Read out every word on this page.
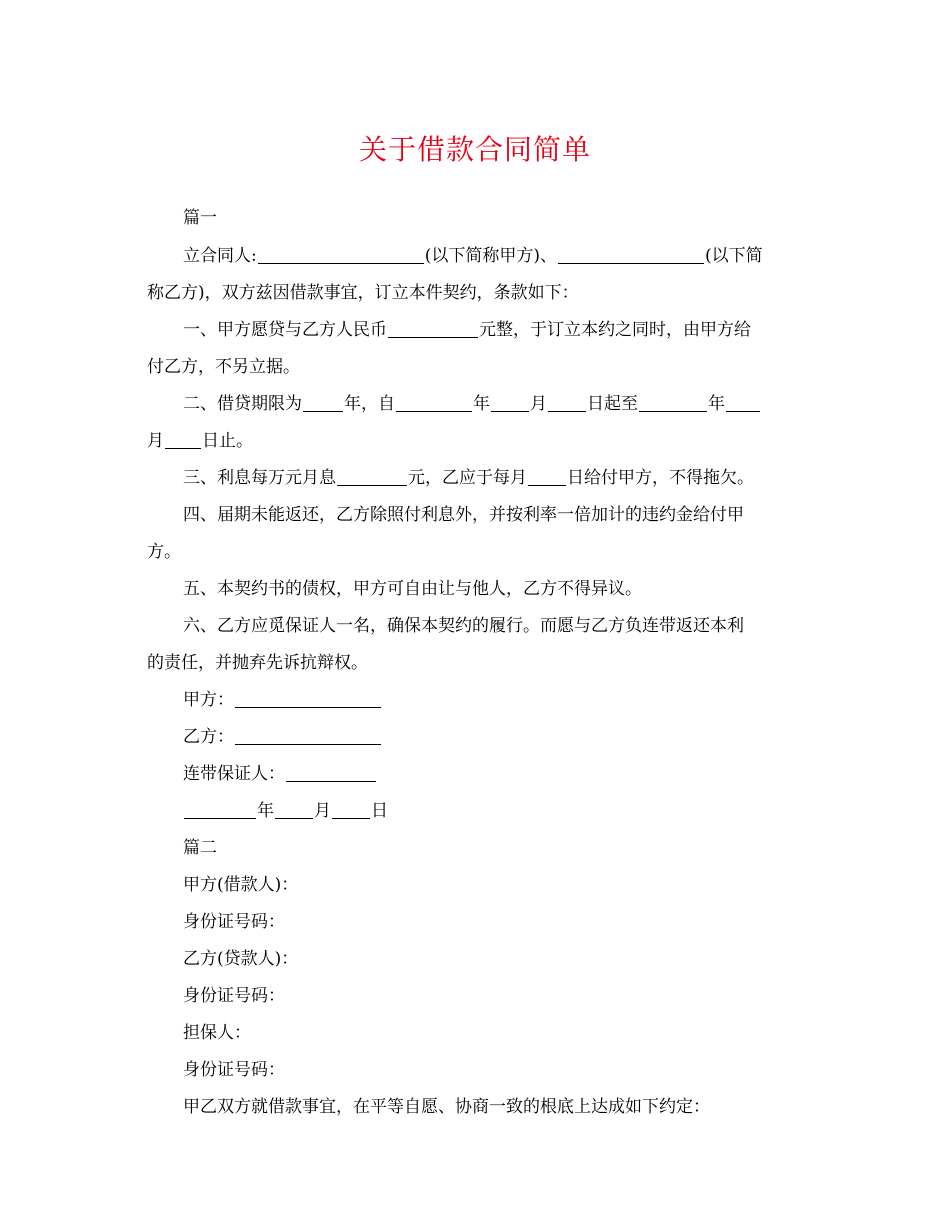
关于借款合同简单
篇一
立合同人:	(以下简称甲方)、	(以下简
称乙方)，双方兹因借款事宜，订立本件契约，条款如下：
一、甲方愿贷与乙方人民币	元整，于订立本约之同时，由甲方给
付乙方，不另立据。
二、借贷期限为 年，自	年 月 日起至	年
月 日止。
三、利息每万元月息	元，乙应于每月 日给付甲方，不得拖欠。
四、届期未能返还，乙方除照付利息外，并按利率一倍加计的违约金给付甲
方。
五、本契约书的债权，甲方可自由让与他人，乙方不得异议。
六、乙方应觅保证人一名，确保本契约的履行。而愿与乙方负连带返还本利
的责任，并抛弃先诉抗辩权。
甲方：
乙方：
连带保证人：
年 月 日
篇二
甲方(借款人)：
身份证号码：
乙方(贷款人)：
身份证号码：
担保人：
身份证号码：
甲乙双方就借款事宜，在平等自愿、协商一致的根底上达成如下约定：
